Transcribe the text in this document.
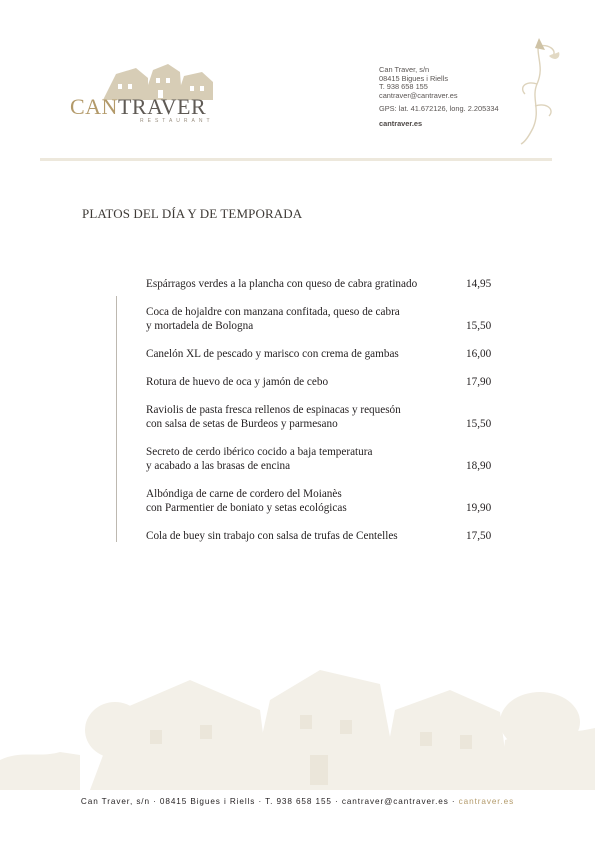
CANTRAVER
RESTAURANT
Can Traver, s/n
08415 Bigues i Riells
T. 938 658 155
cantraver@cantraver.es
GPS: lat. 41.672126, long. 2.205334
cantraver.es
PLATOS DEL DÍA Y DE TEMPORADA
Espárragos verdes a la plancha con queso de cabra gratinado	14,95
Coca de hojaldre con manzana confitada, queso de cabra
y mortadela de Bologna	15,50
Canelón XL de pescado y marisco con crema de gambas	16,00
Rotura de huevo de oca y jamón de cebo	17,90
Raviolis de pasta fresca rellenos de espinacas y requesón
con salsa de setas de Burdeos y parmesano	15,50
Secreto de cerdo ibérico cocido a baja temperatura
y acabado a las brasas de encina	18,90
Albóndiga de carne de cordero del Moianès
con Parmentier de boniato y setas ecológicas	19,90
Cola de buey sin trabajo con salsa de trufas de Centelles	17,50
Can Traver, s/n · 08415 Bigues i Riells · T. 938 658 155 · cantraver@cantraver.es · cantraver.es
